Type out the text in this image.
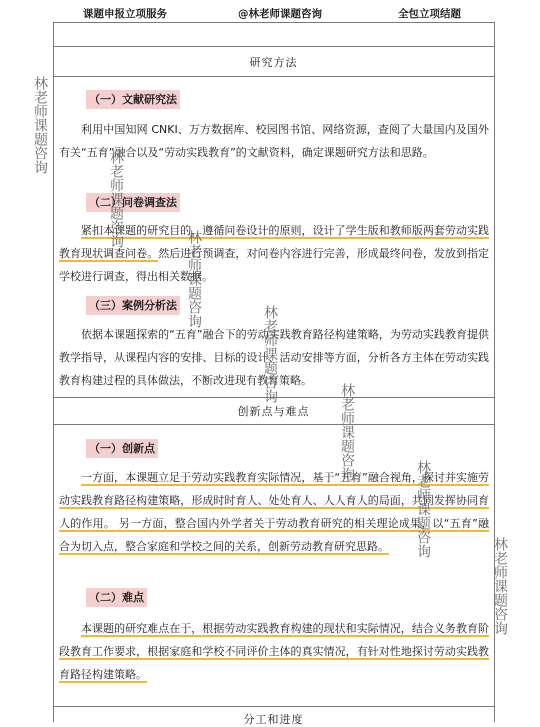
课题申报立项服务	@林老师课题咨询	全包立项结题
研究方法
（一）文献研究法
利用中国知网 CNKI、万方数据库、校园图书馆、网络资源，查阅了大量国内及国外有关“五育”融合以及“劳动实践教育”的文献资料，确定课题研究方法和思路。
（二）问卷调查法
紧扣本课题的研究目的，遵循问卷设计的原则，设计了学生版和教师版两套劳动实践教育现状调查问卷。然后进行预调查，对问卷内容进行完善，形成最终问卷，发放到指定学校进行调查，得出相关数据。
（三）案例分析法
依据本课题探索的“五育”融合下的劳动实践教育路径构建策略，为劳动实践教育提供教学指导，从课程内容的安排、目标的设计、活动安排等方面，分析各方主体在劳动实践教育构建过程的具体做法，不断改进现有教育策略。
创新点与难点
（一）创新点
一方面，本课题立足于劳动实践教育实际情况，基于“五育”融合视角，探讨并实施劳动实践教育路径构建策略，形成时时育人、处处育人、人人育人的局面，共同发挥协同育人的作用。 另一方面，整合国内外学者关于劳动教育研究的相关理论成果，以“五育”融合为切入点，整合家庭和学校之间的关系，创新劳动教育研究思路。
（二）难点
本课题的研究难点在于，根据劳动实践教育构建的现状和实际情况，结合义务教育阶段教育工作要求，根据家庭和学校不同评价主体的真实情况，有针对性地探讨劳动实践教育路径构建策略。
分工和进度
林老师课题咨询
林老师课题咨询
林老师课题咨询
林老师课题咨询
林老师课题咨询
林老师课题咨询
林老师课题咨询
